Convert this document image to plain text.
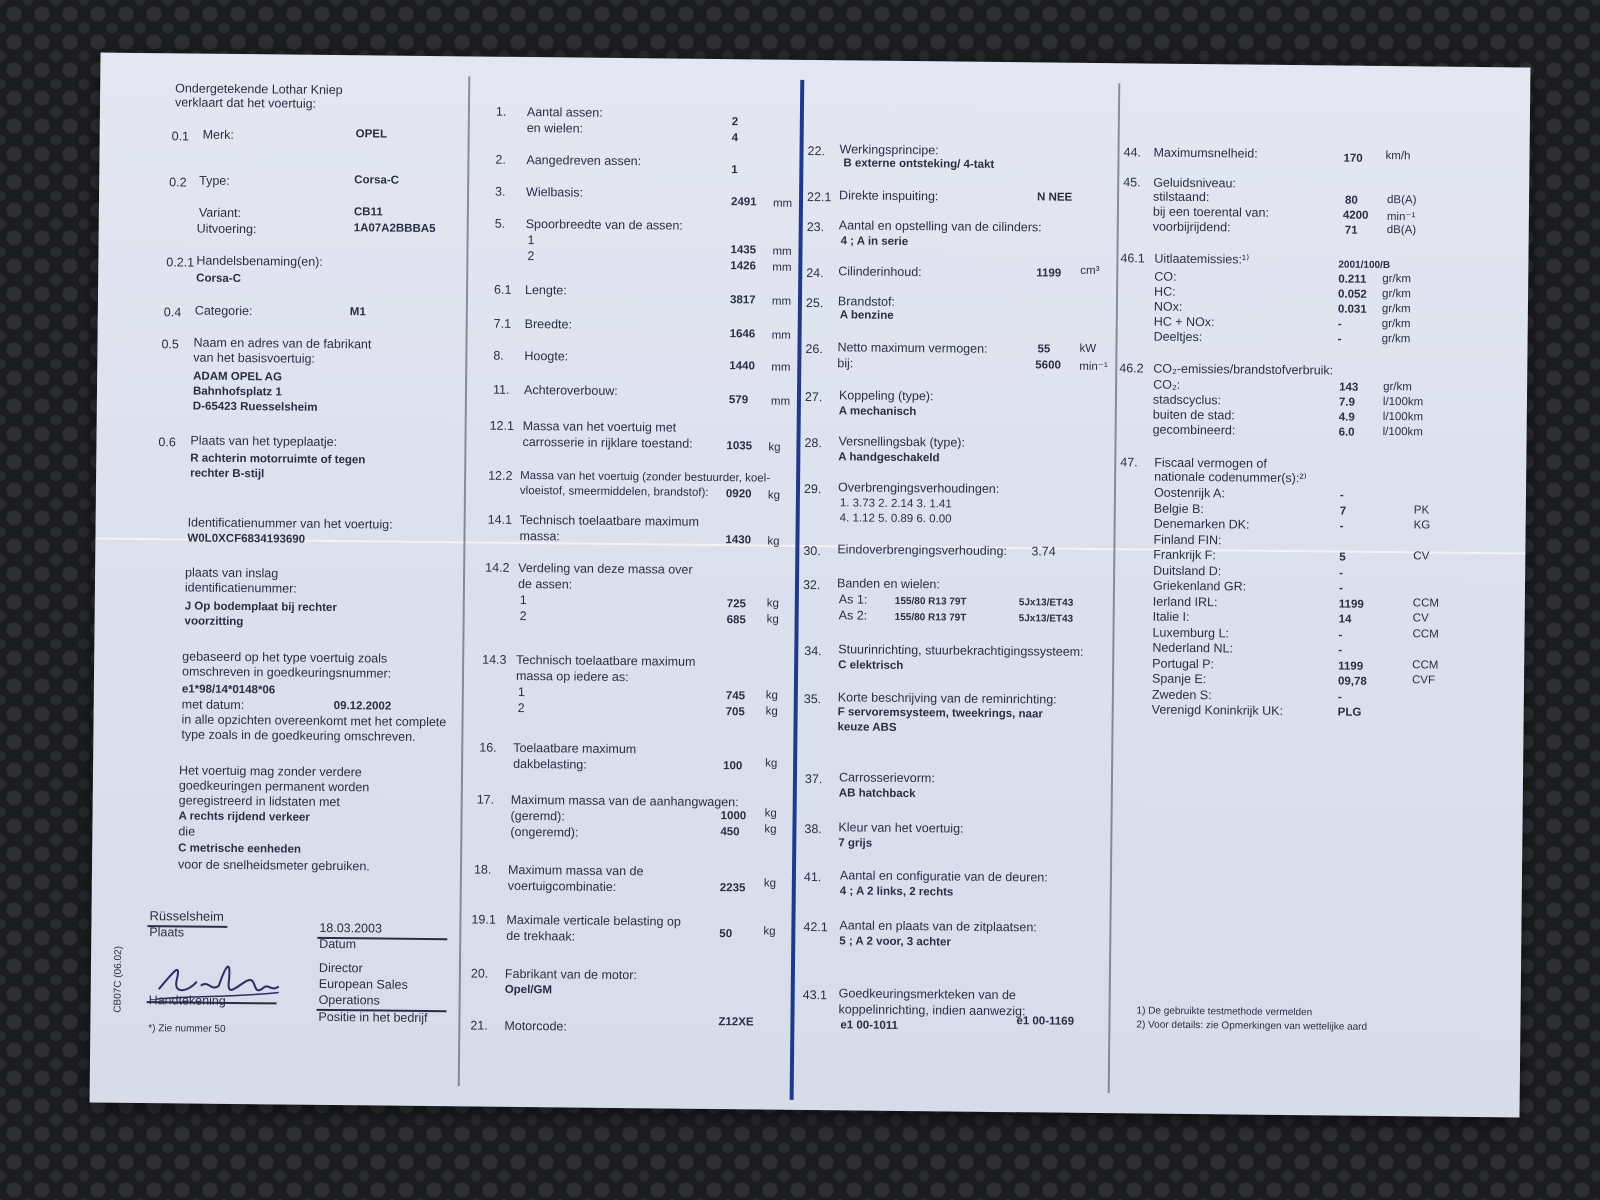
Ondergetekende Lothar Kniep
verklaart dat het voertuig:
0.1 Merk:	OPEL
0.2 Type:	Corsa-C
Variant:	CB11
Uitvoering:	1A07A2BBBA5
0.2.1 Handelsbenaming(en):
Corsa-C
0.4 Categorie:	M1
0.5 Naam en adres van de fabrikant
van het basisvoertuig:
ADAM OPEL AG
Bahnhofsplatz 1
D-65423 Ruesselsheim
0.6 Plaats van het typeplaatje:
R achterin motorruimte of tegen
rechter B-stijl
Identificatienummer van het voertuig:
W0L0XCF6834193690
plaats van inslag
identificatienummer:
J Op bodemplaat bij rechter
voorzitting
gebaseerd op het type voertuig zoals
omschreven in goedkeuringsnummer:
e1*98/14*0148*06
met datum:	09.12.2002
in alle opzichten overeenkomt met het complete
type zoals in de goedkeuring omschreven.
Het voertuig mag zonder verdere
goedkeuringen permanent worden
geregistreerd in lidstaten met
A rechts rijdend verkeer
die
C metrische eenheden
voor de snelheidsmeter gebruiken.
Rüsselsheim
Plaats	18.03.2003
Datum
Director
European Sales
Operations
Positie in het bedrijf
Handtekening
*) Zie nummer 50
CB07C (06.02)
12.1 Massa van het voertuig met
carrosserie in rijklare toestand:	1035 kg
12.2 Massa van het voertuig (zonder bestuurder, koel-
vloeistof, smeermiddelen, brandstof): 0920 kg
14.1 Technisch toelaatbare maximum
massa:	1430 kg
14.2 Verdeling van deze massa over
de assen:
1	725 kg
2	685 kg
14.3 Technisch toelaatbare maximum
massa op iedere as:
1	745 kg
2	705 kg
16. Toelaatbare maximum
dakbelasting:	100 kg
17. Maximum massa van de aanhangwagen:
(geremd):	1000 kg
(ongeremd):	450 kg
18. Maximum massa van de
voertuigcombinatie:	2235 kg
19.1 Maximale verticale belasting op
de trekhaak:	50	kg
20. Fabrikant van de motor:
Opel/GM
21. Motorcode:	Z12XE
22. Werkingsprincipe:
B externe ontsteking/ 4-takt
22.1 Direkte inspuiting:	N NEE
23. Aantal en opstelling van de cilinders:
4 ; A in serie
24. Cilinderinhoud:	1199 cm³
25. Brandstof:
A benzine
26. Netto maximum vermogen:	55	kW
bij:	5600 min⁻¹
27. Koppeling (type):
A mechanisch
28. Versnellingsbak (type):
A handgeschakeld
29. Overbrengingsverhoudingen:
1. 3.73 2. 2.14 3. 1.41
4. 1.12 5. 0.89 6. 0.00
30. Eindoverbrengingsverhouding: 3.74
32. Banden en wielen:
As 1:	155/80 R13 79T	5Jx13/ET43
As 2:	155/80 R13 79T	5Jx13/ET43
34. Stuurinrichting, stuurbekrachtigingssysteem:
C elektrisch
35. Korte beschrijving van de reminrichting:
F servoremsysteem, tweekrings, naar
keuze ABS
37. Carrosserievorm:
AB hatchback
38. Kleur van het voertuig:
7 grijs
41. Aantal en configuratie van de deuren:
4 ; A 2 links, 2 rechts
42.1 Aantal en plaats van de zitplaatsen:
5 ; A 2 voor, 3 achter
43.1 Goedkeuringsmerkteken van de
koppelinrichting, indien aanwezig:
e1 00-1011	e1 00-1169
44. Maximumsnelheid:	170 km/h
45. Geluidsniveau:
stilstaand:	80	dB(A)
bij een toerental van:	4200 min⁻¹
voorbijrijdend:	71	dB(A)
46.1 Uitlaatemissies:¹⁾	2001/100/B
46.2 CO₂-emissies/brandstofverbruik:
47. Fiscaal vermogen of
nationale codenummer(s):²⁾
1) De gebruikte testmethode vermelden
2) Voor details: zie Opmerkingen van wettelijke aard
1. Aantal assen:
2
en wielen:
4
2. Aangedreven assen:
1
3. Wielbasis:
2491 mm
5. Spoorbreedte van de assen:
1
1435 mm
2
1426 mm
6.1 Lengte:
3817 mm
7.1 Breedte:
1646 mm
8. Hoogte:
1440 mm
11. Achteroverbouw:
579 mm
CO:	0.211 gr/km
HC:	0.052 gr/km
NOx:	0.031 gr/km
HC + NOx:	-	gr/km
Deeltjes:	-	gr/km
CO₂:	143 gr/km
stadscyclus:	7.9 l/100km
buiten de stad:	4.9 l/100km
gecombineerd:	6.0 l/100km
Oostenrijk A:	-
Belgie B:	7	PK
Denemarken DK:	-	KG
Finland FIN:
Frankrijk F:	5	CV
Duitsland D:	-
Griekenland GR:	-
Ierland IRL:	1199	CCM
Italie I:	14	CV
Luxemburg L:	-	CCM
Nederland NL:	-
Portugal P:	1199	CCM
Spanje E:	09,78	CVF
Zweden S:	-
Verenigd Koninkrijk UK:	PLG
